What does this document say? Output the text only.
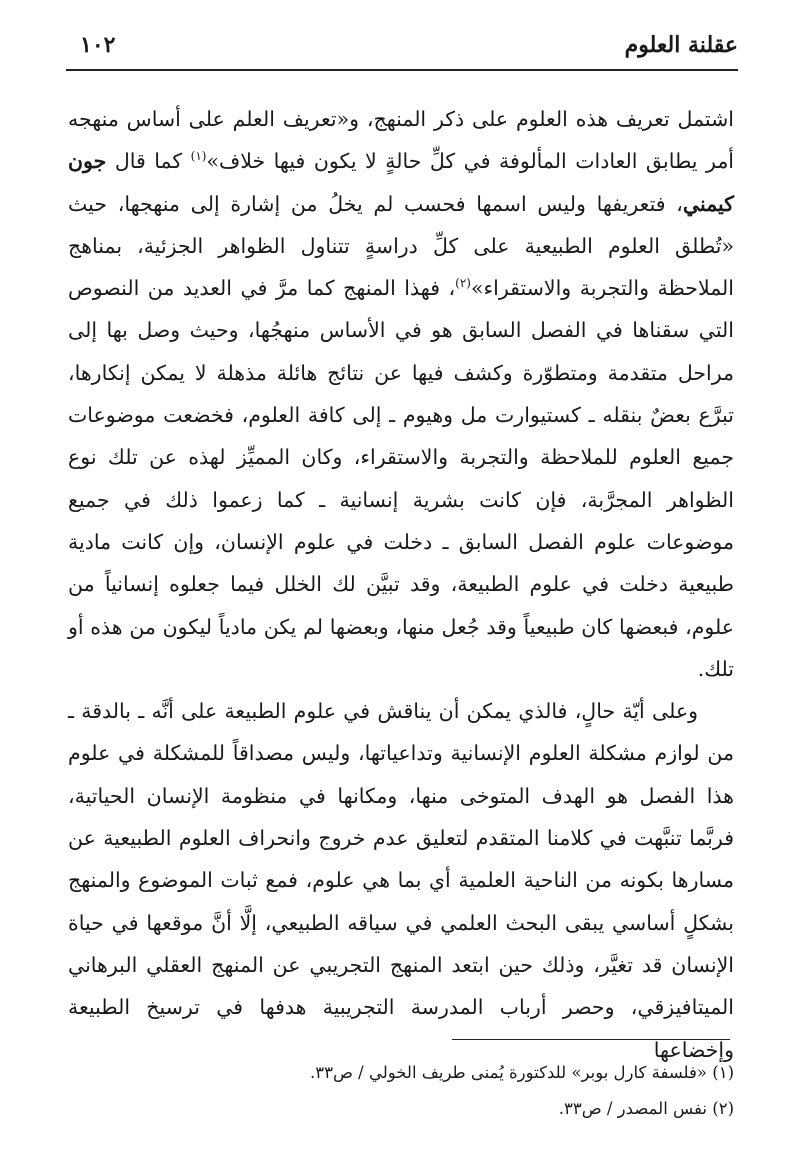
عقلنة العلوم
١٠٢

اشتمل تعريف هذه العلوم على ذكر المنهج، و«تعريف العلم على أساس منهجه أمر يطابق العادات المألوفة في كلِّ حالةٍ لا يكون فيها خلاف»$^{(١)}$ كما قال جون كيمني، فتعريفها وليس اسمها فحسب لم يخلُ من إشارة إلى منهجها، حيث «تُطلق العلوم الطبيعية على كلِّ دراسةٍ تتناول الظواهر الجزئية، بمناهج الملاحظة والتجربة والاستقراء»$^{(٢)}$، فهذا المنهج كما مرَّ في العديد من النصوص التي سقناها في الفصل السابق هو في الأساس منهجُها، وحيث وصل بها إلى مراحل متقدمة ومتطوّرة وكشف فيها عن نتائج هائلة مذهلة لا يمكن إنكارها، تبرَّع بعضٌ بنقله ـ كستيوارت مل وهيوم ـ إلى كافة العلوم، فخضعت موضوعات جميع العلوم للملاحظة والتجربة والاستقراء، وكان المميِّز لهذه عن تلك نوع الظواهر المجرَّبة، فإن كانت بشرية إنسانية ـ كما زعموا ذلك في جميع موضوعات علوم الفصل السابق ـ دخلت في علوم الإنسان، وإن كانت مادية طبيعية دخلت في علوم الطبيعة، وقد تبيَّن لك الخلل فيما جعلوه إنسانياً من علوم، فبعضها كان طبيعياً وقد جُعل منها، وبعضها لم يكن مادياً ليكون من هذه أو تلك.

وعلى أيّة حالٍ، فالذي يمكن أن يناقش في علوم الطبيعة على أنَّه ـ بالدقة ـ من لوازم مشكلة العلوم الإنسانية وتداعياتها، وليس مصداقاً للمشكلة في علوم هذا الفصل هو الهدف المتوخى منها، ومكانها في منظومة الإنسان الحياتية، فربَّما تنبَّهت في كلامنا المتقدم لتعليق عدم خروج وانحراف العلوم الطبيعية عن مسارها بكونه من الناحية العلمية أي بما هي علوم، فمع ثبات الموضوع والمنهج بشكلٍ أساسي يبقى البحث العلمي في سياقه الطبيعي، إلَّا أنَّ موقعها في حياة الإنسان قد تغيَّر، وذلك حين ابتعد المنهج التجريبي عن المنهج العقلي البرهاني الميتافيزقي، وحصر أرباب المدرسة التجريبية هدفها في ترسيخ الطبيعة وإخضاعها

(١) «فلسفة كارل بوبر» للدكتورة يُمنى طريف الخولي / ص٣٣.
(٢) نفس المصدر / ص٣٣.
